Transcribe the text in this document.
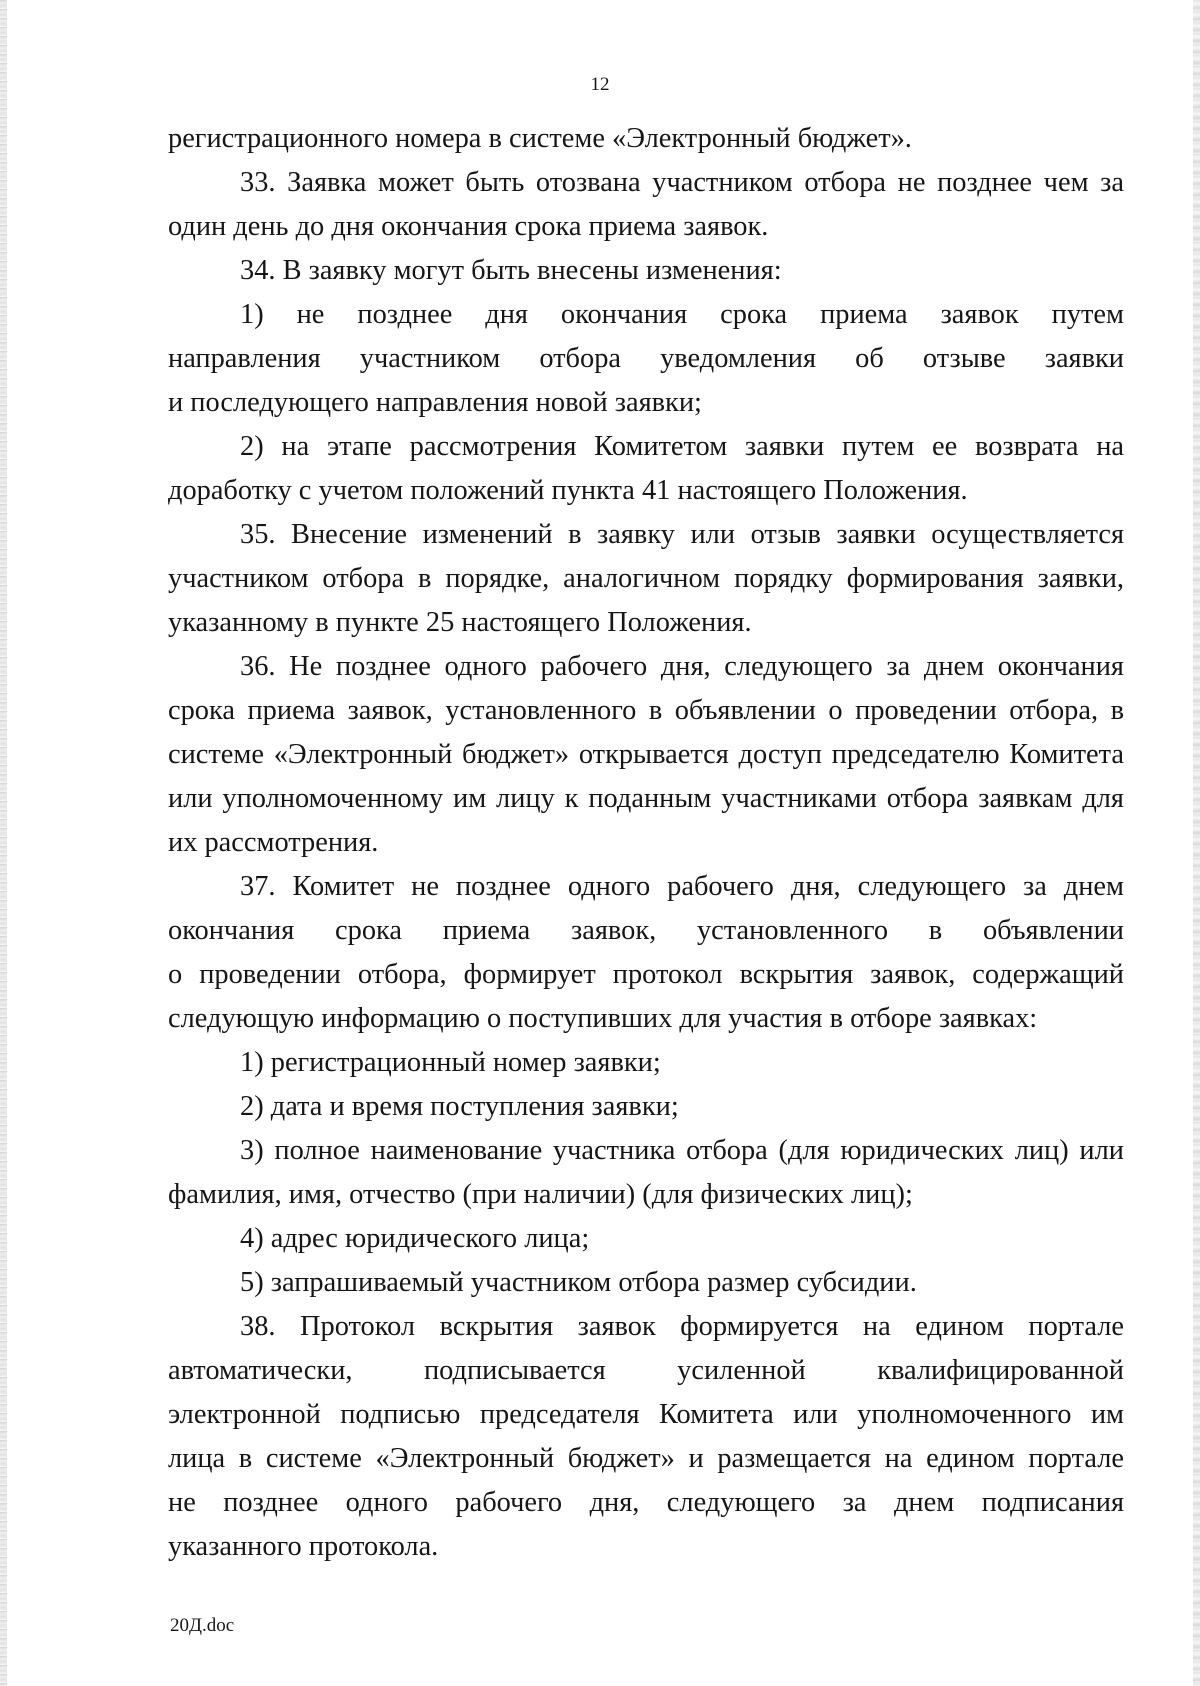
12

регистрационного номера в системе «Электронный бюджет».

33. Заявка может быть отозвана участником отбора не позднее чем за один день до дня окончания срока приема заявок.

34. В заявку могут быть внесены изменения:

1) не позднее дня окончания срока приема заявок путем

направления участником отбора уведомления об отзыве заявки

и последующего направления новой заявки;

2) на этапе рассмотрения Комитетом заявки путем ее возврата на доработку с учетом положений пункта 41 настоящего Положения.

35. Внесение изменений в заявку или отзыв заявки осуществляется участником отбора в порядке, аналогичном порядку формирования заявки, указанному в пункте 25 настоящего Положения.

36. Не позднее одного рабочего дня, следующего за днем окончания срока приема заявок, установленного в объявлении о проведении отбора, в системе «Электронный бюджет» открывается доступ председателю Комитета или уполномоченному им лицу к поданным участниками отбора заявкам для их рассмотрения.

37. Комитет не позднее одного рабочего дня, следующего за днем

окончания срока приема заявок, установленного в объявлении

о проведении отбора, формирует протокол вскрытия заявок, содержащий

следующую информацию о поступивших для участия в отборе заявках:

1) регистрационный номер заявки;

2) дата и время поступления заявки;

3) полное наименование участника отбора (для юридических лиц) или фамилия, имя, отчество (при наличии) (для физических лиц);

4) адрес юридического лица;

5) запрашиваемый участником отбора размер субсидии.

38. Протокол вскрытия заявок формируется на едином портале

автоматически, подписывается усиленной квалифицированной

электронной подписью председателя Комитета или уполномоченного им

лица в системе «Электронный бюджет» и размещается на едином портале

не позднее одного рабочего дня, следующего за днем подписания

указанного протокола.

20Д.doc
